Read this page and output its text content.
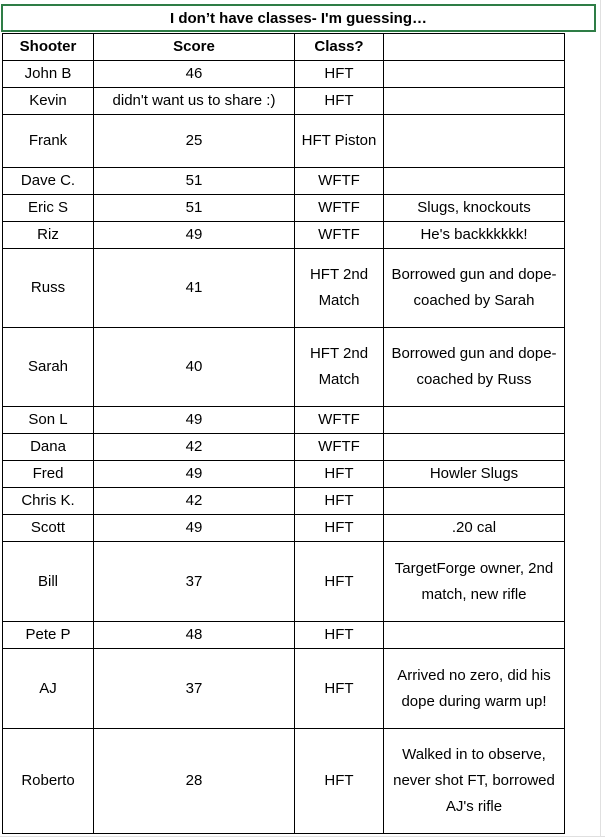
I don’t have classes- I'm guessing…
Shooter	Score	Class?	
John B	46	HFT	
Kevin	didn't want us to share :)	HFT	
Frank	25	HFT Piston	
Dave C.	51	WFTF	
Eric S	51	WFTF	Slugs, knockouts
Riz	49	WFTF	He's backkkkkk!
Russ	41	HFT 2nd Match	Borrowed gun and dope- coached by Sarah
Sarah	40	HFT 2nd Match	Borrowed gun and dope- coached by Russ
Son L	49	WFTF	
Dana	42	WFTF	
Fred	49	HFT	Howler Slugs
Chris K.	42	HFT	
Scott	49	HFT	.20 cal
Bill	37	HFT	TargetForge owner, 2nd match, new rifle
Pete P	48	HFT	
AJ	37	HFT	Arrived no zero, did his dope during warm up!
Roberto	28	HFT	Walked in to observe, never shot FT, borrowed AJ's rifle
